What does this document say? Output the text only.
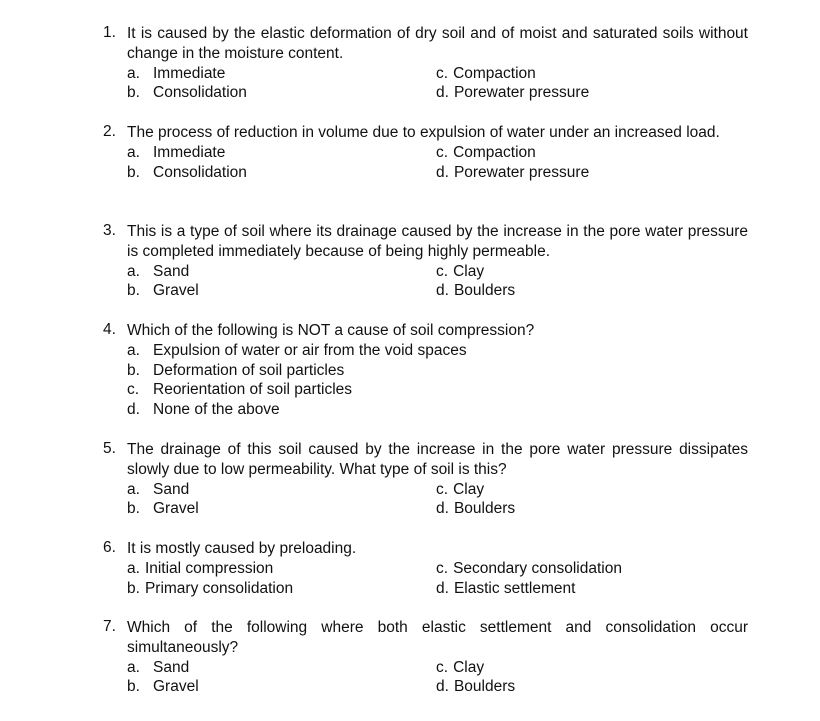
1. It is caused by the elastic deformation of dry soil and of moist and saturated soils without change in the moisture content.
a. Immediate	c. Compaction
b. Consolidation	d. Porewater pressure
2. The process of reduction in volume due to expulsion of water under an increased load.
a. Immediate	c. Compaction
b. Consolidation	d. Porewater pressure
3. This is a type of soil where its drainage caused by the increase in the pore water pressure is completed immediately because of being highly permeable.
a. Sand	c. Clay
b. Gravel	d. Boulders
4. Which of the following is NOT a cause of soil compression?
a. Expulsion of water or air from the void spaces
b. Deformation of soil particles
c. Reorientation of soil particles
d. None of the above
5. The drainage of this soil caused by the increase in the pore water pressure dissipates slowly due to low permeability. What type of soil is this?
a. Sand	c. Clay
b. Gravel	d. Boulders
6. It is mostly caused by preloading.
a. Initial compression	c. Secondary consolidation
b. Primary consolidation	d. Elastic settlement
7. Which of the following where both elastic settlement and consolidation occur simultaneously?
a. Sand	c. Clay
b. Gravel	d. Boulders
